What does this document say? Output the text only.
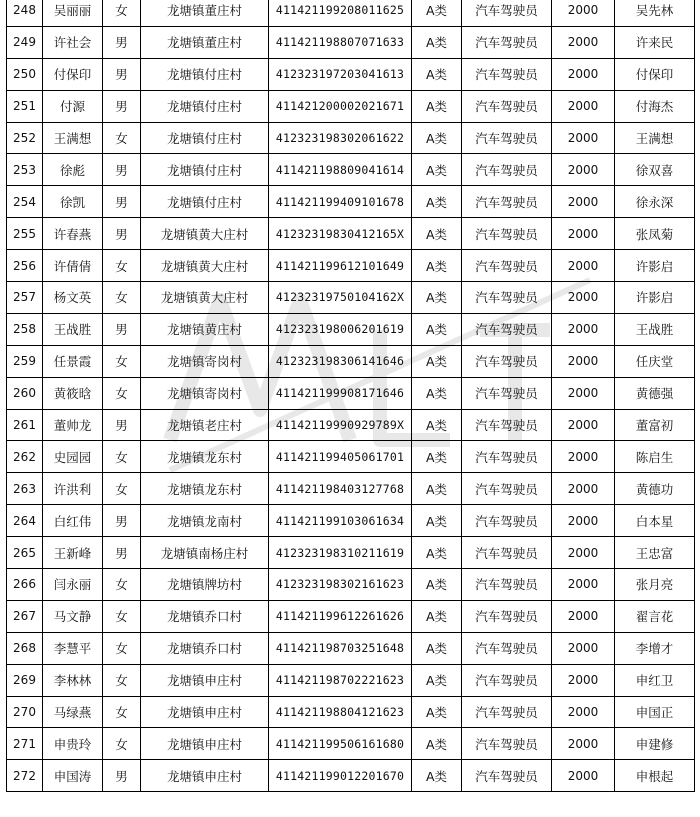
248	吴丽丽	女	龙塘镇董庄村	411421199208011625	A类	汽车驾驶员	2000	吴先林
249	许社会	男	龙塘镇董庄村	411421198807071633	A类	汽车驾驶员	2000	许来民
250	付保印	男	龙塘镇付庄村	412323197203041613	A类	汽车驾驶员	2000	付保印
251	付源	男	龙塘镇付庄村	411421200002021671	A类	汽车驾驶员	2000	付海杰
252	王满想	女	龙塘镇付庄村	412323198302061622	A类	汽车驾驶员	2000	王满想
253	徐彪	男	龙塘镇付庄村	411421198809041614	A类	汽车驾驶员	2000	徐双喜
254	徐凯	男	龙塘镇付庄村	411421199409101678	A类	汽车驾驶员	2000	徐永深
255	许春燕	男	龙塘镇黄大庄村	41232319830412165X	A类	汽车驾驶员	2000	张凤菊
256	许倩倩	女	龙塘镇黄大庄村	411421199612101649	A类	汽车驾驶员	2000	许影启
257	杨文英	女	龙塘镇黄大庄村	41232319750104162X	A类	汽车驾驶员	2000	许影启
258	王战胜	男	龙塘镇黄庄村	412323198006201619	A类	汽车驾驶员	2000	王战胜
259	任景霞	女	龙塘镇寄岗村	412323198306141646	A类	汽车驾驶员	2000	任庆堂
260	黄筱晗	女	龙塘镇寄岗村	411421199908171646	A类	汽车驾驶员	2000	黄德强
261	董帅龙	男	龙塘镇老庄村	41142119990929789X	A类	汽车驾驶员	2000	董富初
262	史园园	女	龙塘镇龙东村	411421199405061701	A类	汽车驾驶员	2000	陈启生
263	许洪利	女	龙塘镇龙东村	411421198403127768	A类	汽车驾驶员	2000	黄德功
264	白红伟	男	龙塘镇龙南村	411421199103061634	A类	汽车驾驶员	2000	白本星
265	王新峰	男	龙塘镇南杨庄村	412323198310211619	A类	汽车驾驶员	2000	王忠富
266	闫永丽	女	龙塘镇牌坊村	412323198302161623	A类	汽车驾驶员	2000	张月亮
267	马文静	女	龙塘镇乔口村	411421199612261626	A类	汽车驾驶员	2000	翟言花
268	李慧平	女	龙塘镇乔口村	411421198703251648	A类	汽车驾驶员	2000	李增才
269	李林林	女	龙塘镇申庄村	411421198702221623	A类	汽车驾驶员	2000	申红卫
270	马绿燕	女	龙塘镇申庄村	411421198804121623	A类	汽车驾驶员	2000	申国正
271	申贵玲	女	龙塘镇申庄村	411421199506161680	A类	汽车驾驶员	2000	申建修
272	申国涛	男	龙塘镇申庄村	411421199012201670	A类	汽车驾驶员	2000	申根起
